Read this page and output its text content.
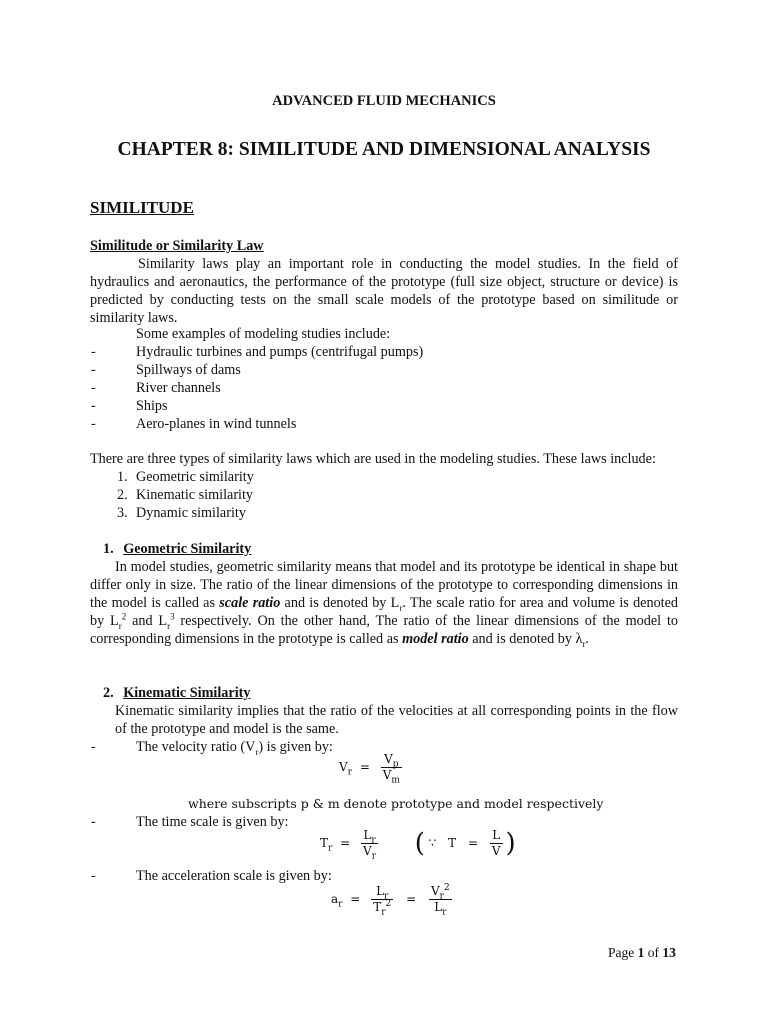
ADVANCED FLUID MECHANICS
CHAPTER 8: SIMILITUDE AND DIMENSIONAL ANALYSIS
SIMILITUDE
Similitude or Similarity Law
Similarity laws play an important role in conducting the model studies. In the field of hydraulics and aeronautics, the performance of the prototype (full size object, structure or device) is predicted by conducting tests on the small scale models of the prototype based on similitude or similarity laws.
Some examples of modeling studies include:
-	Hydraulic turbines and pumps (centrifugal pumps)
-	Spillways of dams
-	River channels
-	Ships
-	Aero-planes in wind tunnels
There are three types of similarity laws which are used in the modeling studies. These laws include:
1. Geometric similarity
2. Kinematic similarity
3. Dynamic similarity
1. Geometric Similarity
In model studies, geometric similarity means that model and its prototype be identical in shape but differ only in size. The ratio of the linear dimensions of the prototype to corresponding dimensions in the model is called as scale ratio and is denoted by $L_r$. The scale ratio for area and volume is denoted by $L_r^2$ and $L_r^3$ respectively. On the other hand, The ratio of the linear dimensions of the model to corresponding dimensions in the prototype is called as model ratio and is denoted by $\lambda_r$.
2. Kinematic Similarity
Kinematic similarity implies that the ratio of the velocities at all corresponding points in the flow of the prototype and model is the same.
-	The velocity ratio $(V_r)$ is given by:
$V_r = \frac{V_p}{V_m}$
where subscripts p & m denote prototype and model respectively
-	The time scale is given by:
$T_r = \frac{L_r}{V_r}$ ( ∵ $T = \frac{L}{V}$ )
-	The acceleration scale is given by:
$a_r = \frac{L_r}{T_r^2} = \frac{V_r^2}{L_r}$
Page 1 of 13
